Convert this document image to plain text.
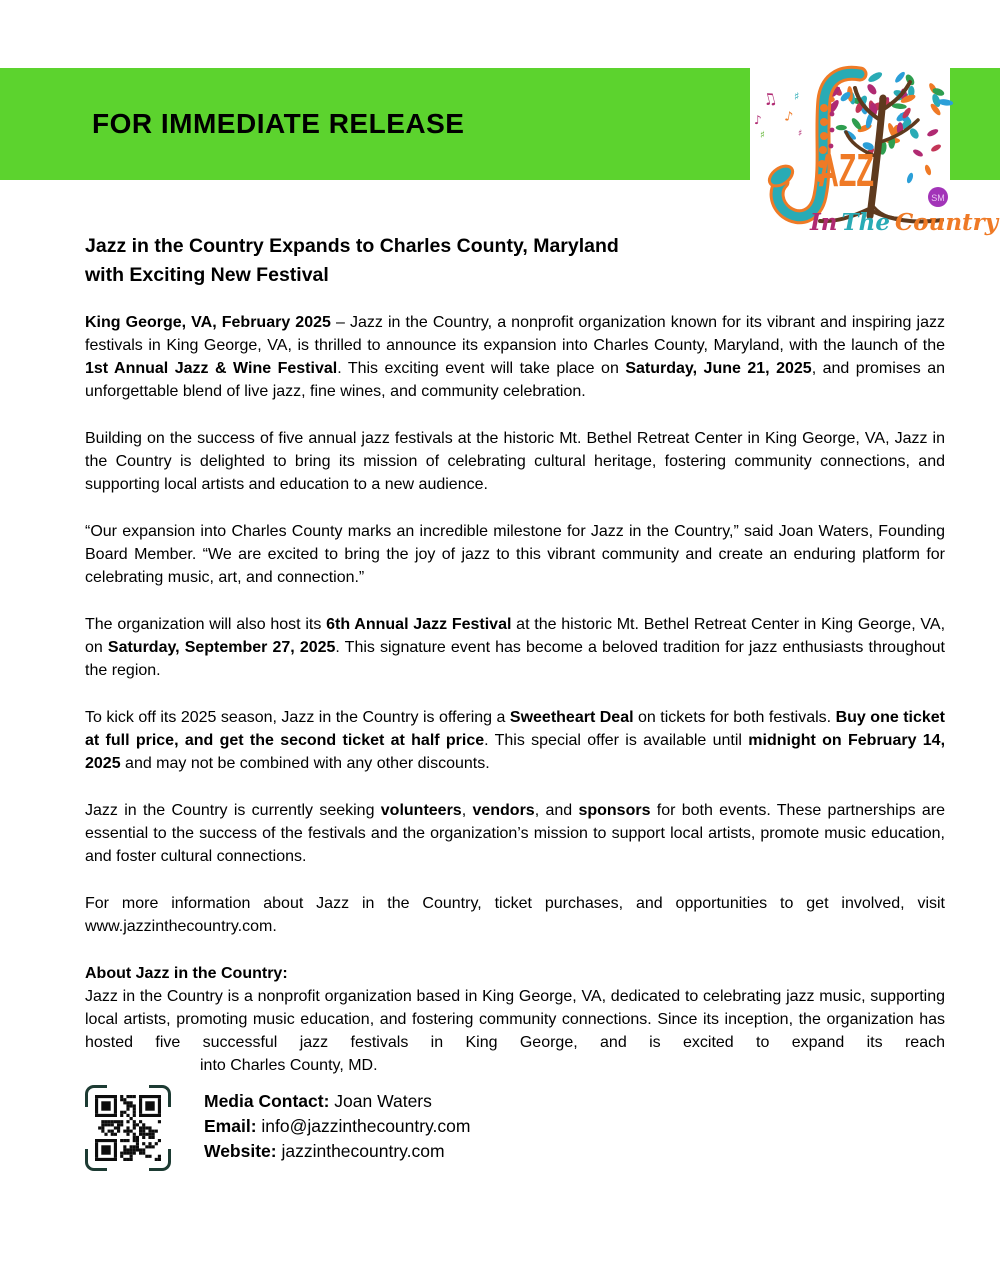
FOR IMMEDIATE RELEASE
♫
♪
♪
♯
♯	♯
AZZ
In The Country
SM
Jazz in the Country Expands to Charles County, Maryland
with Exciting New Festival

King George, VA, February 2025 – Jazz in the Country, a nonprofit organization known for its vibrant and inspiring jazz festivals in King George, VA, is thrilled to announce its expansion into Charles County, Maryland, with the launch of the 1st Annual Jazz & Wine Festival. This exciting event will take place on Saturday, June 21, 2025, and promises an unforgettable blend of live jazz, fine wines, and community celebration.

Building on the success of five annual jazz festivals at the historic Mt. Bethel Retreat Center in King George, VA, Jazz in the Country is delighted to bring its mission of celebrating cultural heritage, fostering community connections, and supporting local artists and education to a new audience.

“Our expansion into Charles County marks an incredible milestone for Jazz in the Country,” said Joan Waters, Founding Board Member. “We are excited to bring the joy of jazz to this vibrant community and create an enduring platform for celebrating music, art, and connection.”

The organization will also host its 6th Annual Jazz Festival at the historic Mt. Bethel Retreat Center in King George, VA, on Saturday, September 27, 2025. This signature event has become a beloved tradition for jazz enthusiasts throughout the region.

To kick off its 2025 season, Jazz in the Country is offering a Sweetheart Deal on tickets for both festivals. Buy one ticket at full price, and get the second ticket at half price. This special offer is available until midnight on February 14, 2025 and may not be combined with any other discounts.

Jazz in the Country is currently seeking volunteers, vendors, and sponsors for both events. These partnerships are essential to the success of the festivals and the organization’s mission to support local artists, promote music education, and foster cultural connections.

For more information about Jazz in the Country, ticket purchases, and opportunities to get involved, visit www.jazzinthecountry.com.

About Jazz in the Country:

Jazz in the Country is a nonprofit organization based in King George, VA, dedicated to celebrating jazz music, supporting local artists, promoting music education, and fostering community connections. Since its inception, the organization has hosted five successful jazz festivals in King George, and is excited to expand its reach

into Charles County, MD.

Media Contact: Joan Waters
Email: info@jazzinthecountry.com
Website: jazzinthecountry.com
